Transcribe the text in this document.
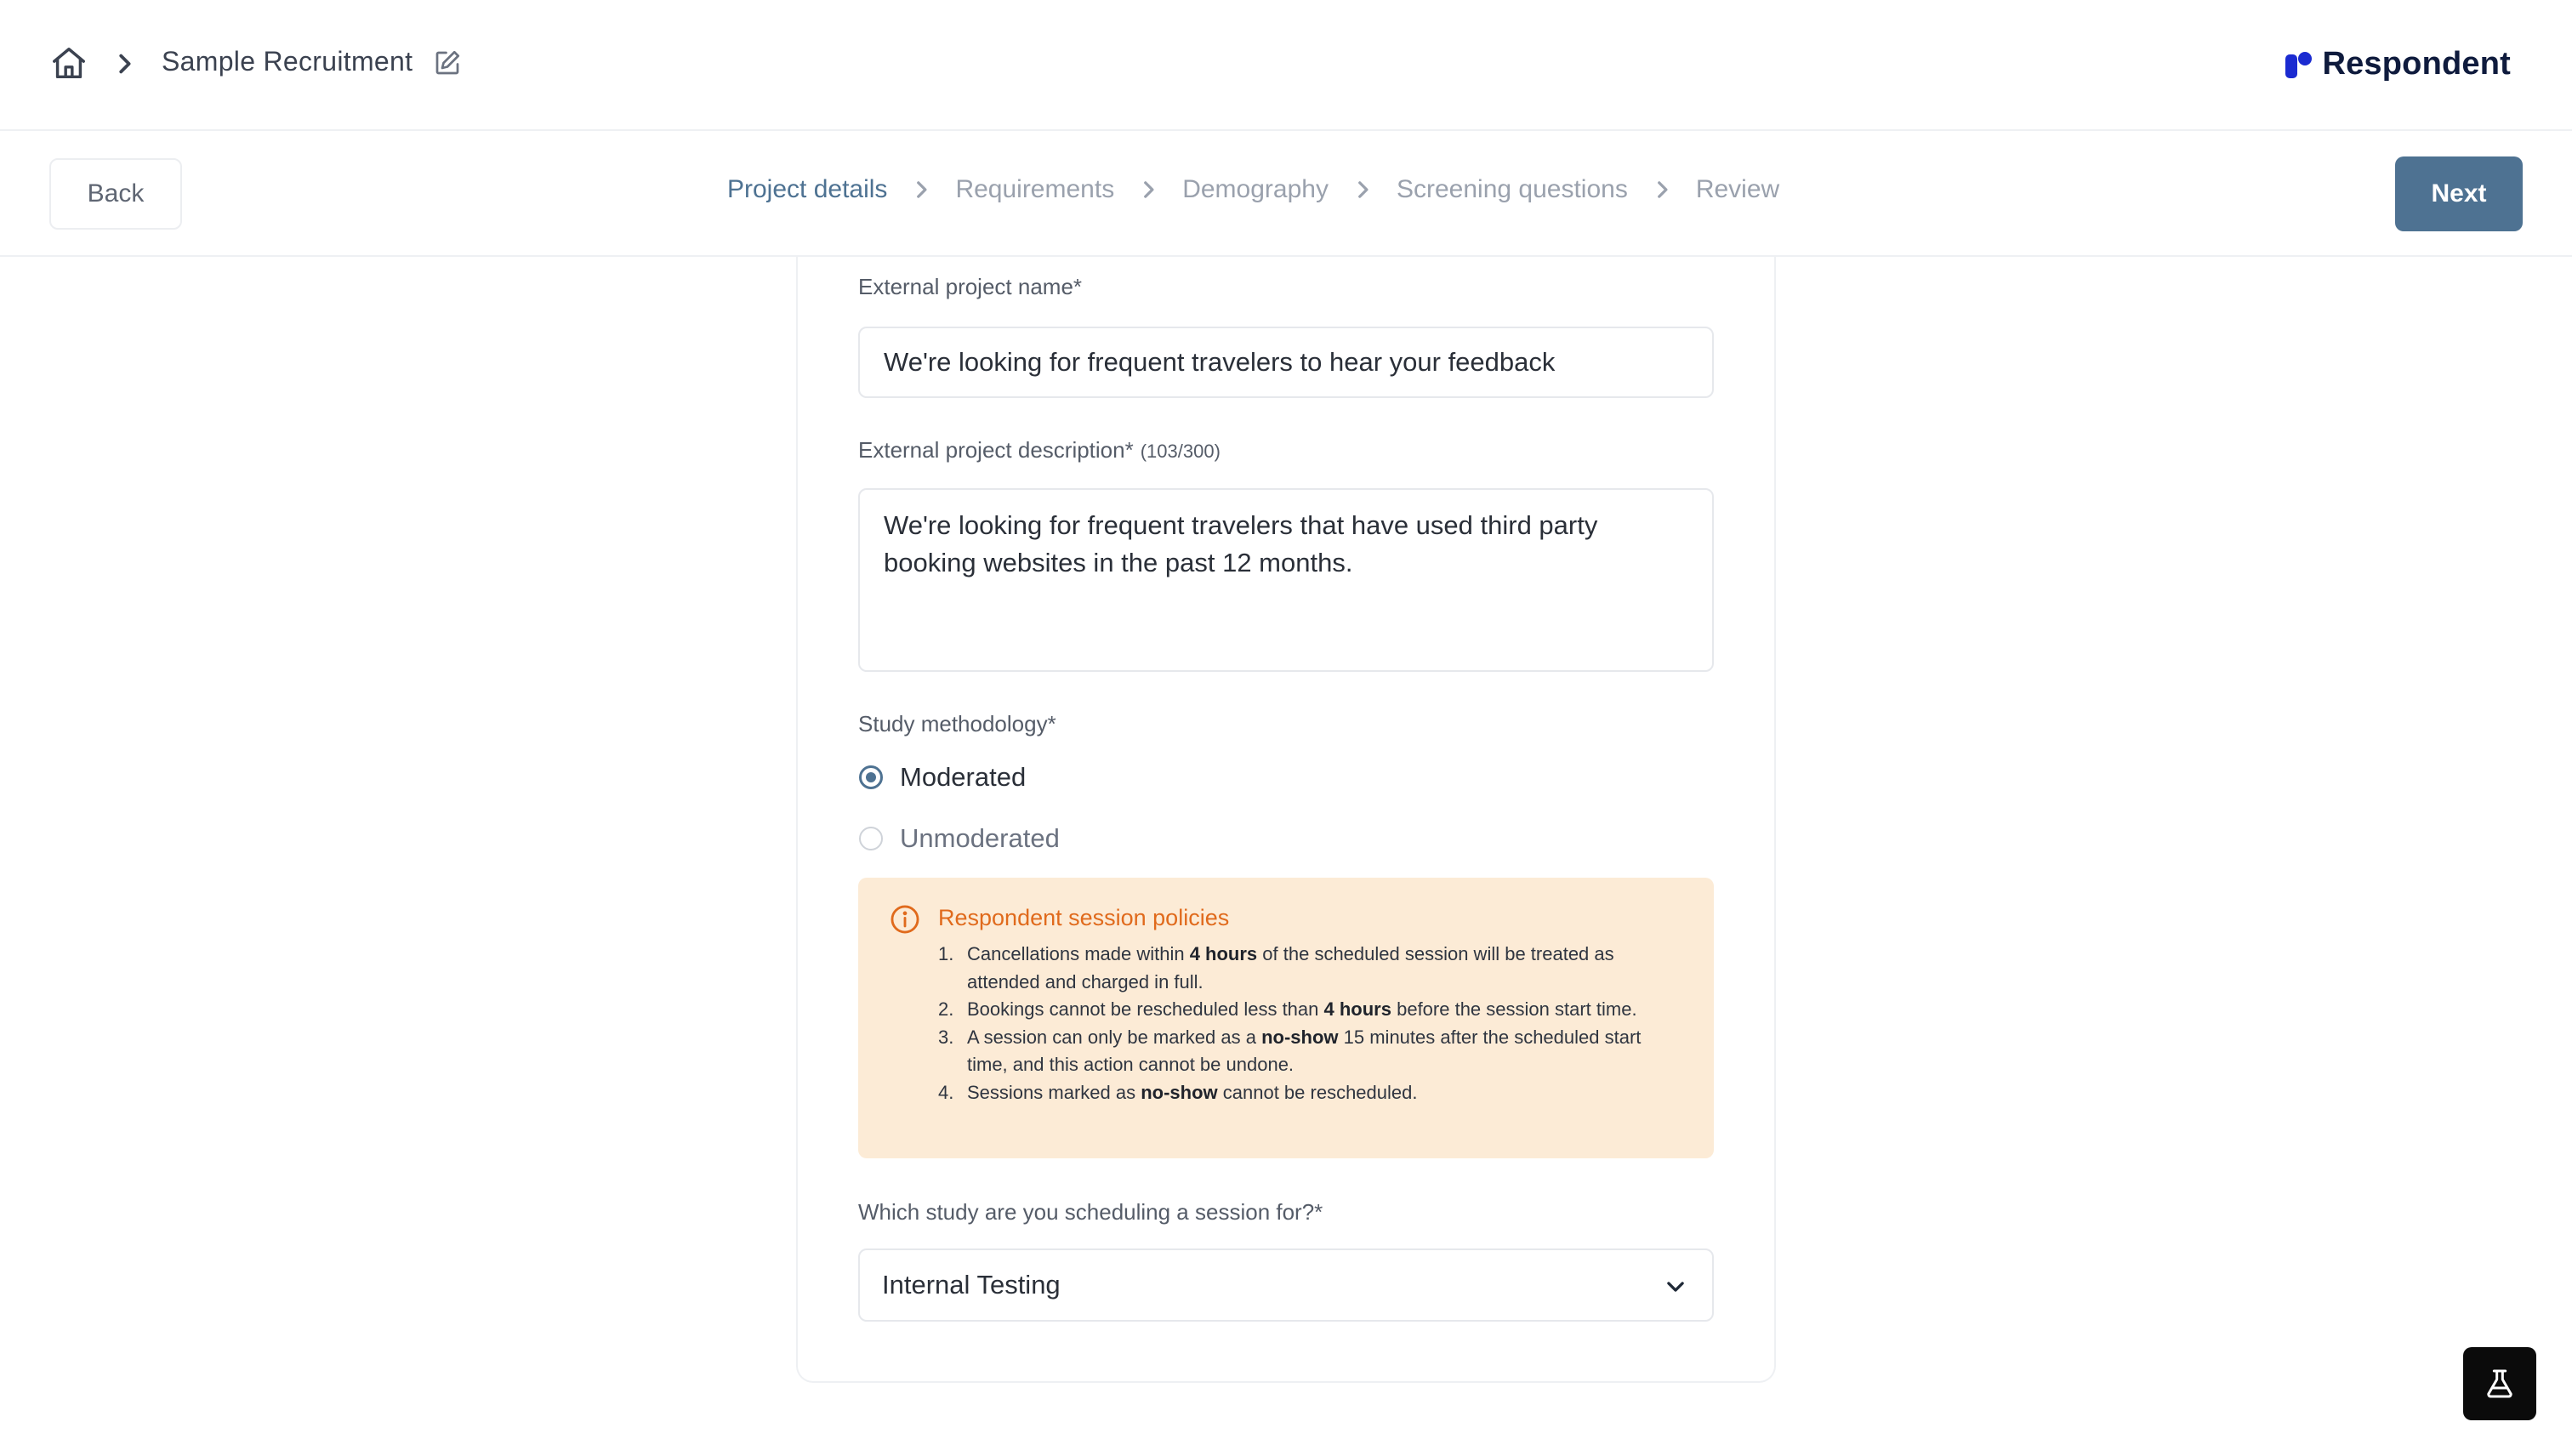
Sample Recruitment	Respondent
Back	Project details	Requirements	Demography	Screening questions	Review	Next
External project name*
We're looking for frequent travelers to hear your feedback
External project description* (103/300)
We're looking for frequent travelers that have used third party booking websites in the past 12 months.
Study methodology*
Moderated
Unmoderated
Respondent session policies
1. Cancellations made within 4 hours of the scheduled session will be treated as attended and charged in full.
2. Bookings cannot be rescheduled less than 4 hours before the session start time.
3. A session can only be marked as a no-show 15 minutes after the scheduled start time, and this action cannot be undone.
4. Sessions marked as no-show cannot be rescheduled.
Which study are you scheduling a session for?*
Internal Testing
